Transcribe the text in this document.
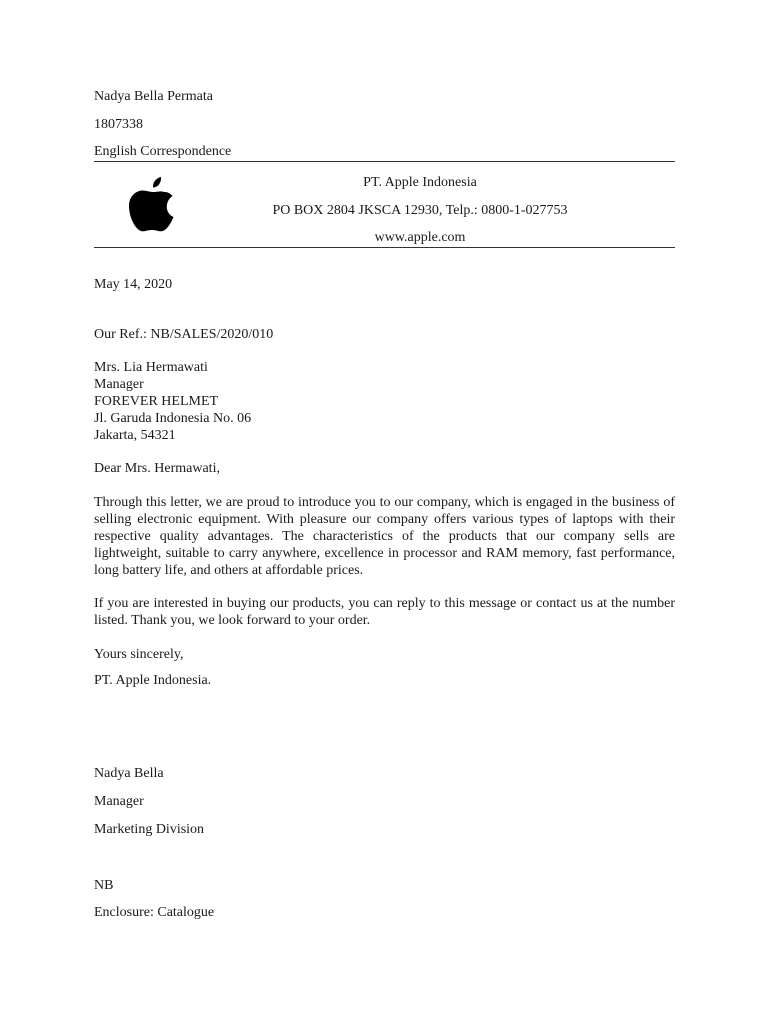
Nadya Bella Permata
1807338
English Correspondence
PT. Apple Indonesia
PO BOX 2804 JKSCA 12930, Telp.: 0800-1-027753
www.apple.com
May 14, 2020
Our Ref.: NB/SALES/2020/010
Mrs. Lia Hermawati
Manager
FOREVER HELMET
Jl. Garuda Indonesia No. 06
Jakarta, 54321
Dear Mrs. Hermawati,
Through this letter, we are proud to introduce you to our company, which is engaged in the business of selling electronic equipment. With pleasure our company offers various types of laptops with their respective quality advantages. The characteristics of the products that our company sells are lightweight, suitable to carry anywhere, excellence in processor and RAM memory, fast performance, long battery life, and others at affordable prices.
If you are interested in buying our products, you can reply to this message or contact us at the number listed. Thank you, we look forward to your order.
Yours sincerely,
PT. Apple Indonesia.
Nadya Bella
Manager
Marketing Division
NB
Enclosure: Catalogue
